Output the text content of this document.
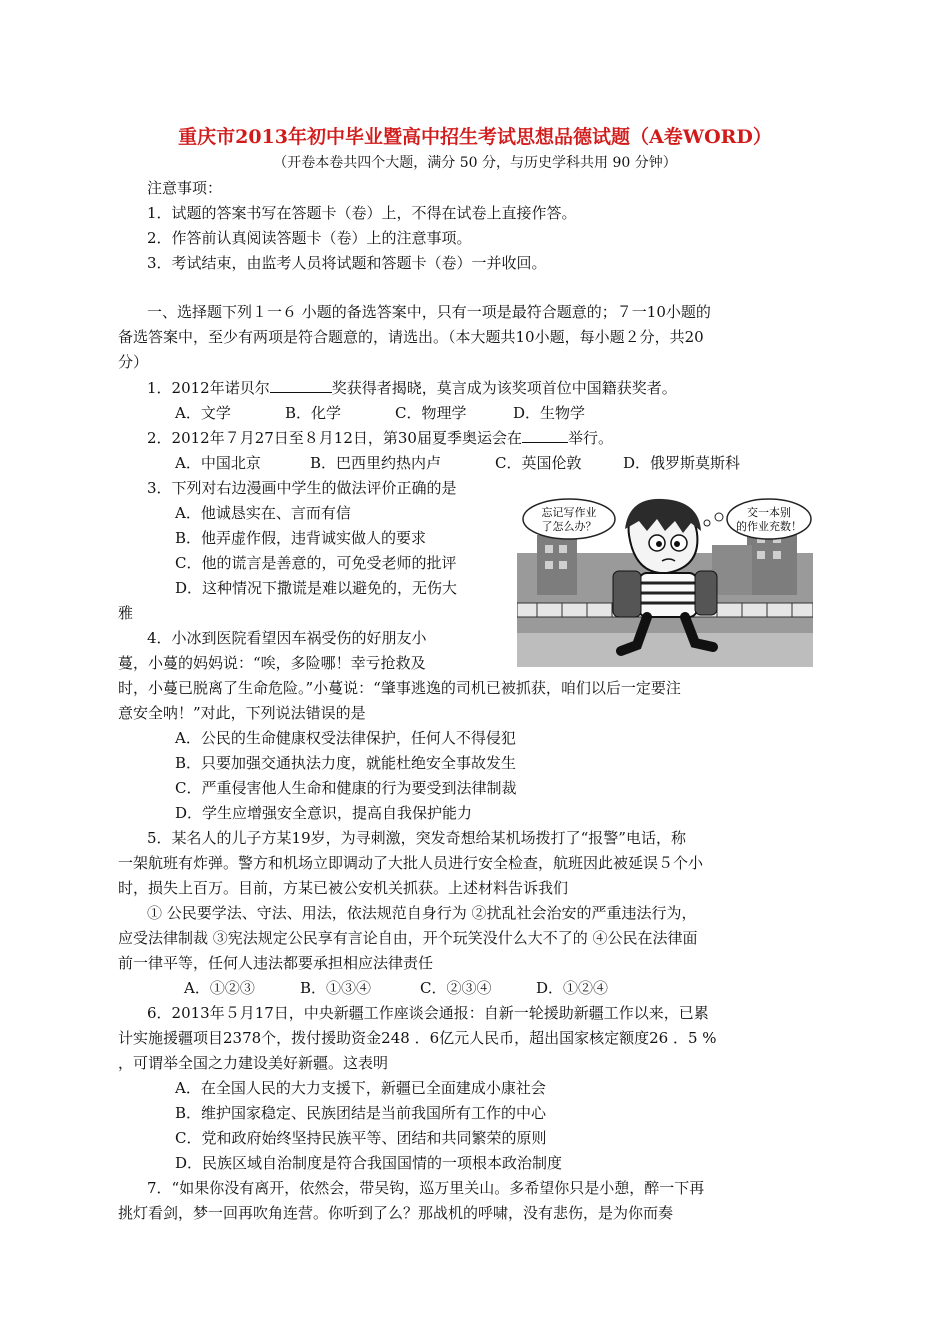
重庆市2013年初中毕业暨高中招生考试思想品德试题（A卷WORD）
（开卷本卷共四个大题，满分 50 分，与历史学科共用 90 分钟）
注意事项：
1．试题的答案书写在答题卡（卷）上，不得在试卷上直接作答。
2．作答前认真阅读答题卡（卷）上的注意事项。
3．考试结束，由监考人员将试题和答题卡（卷）一并收回。
一、选择题下列１一６ 小题的备选答案中，只有一项是最符合题意的；７一10小题的
备选答案中，至少有两项是符合题意的，请选出。（本大题共10小题，每小题２分，共20
分）
1．2012年诺贝尔	奖获得者揭晓，莫言成为该奖项首位中国籍获奖者。
A．文学	B．化学	C．物理学	D．生物学
2．2012年７月27日至８月12日，第30届夏季奥运会在	举行。
A．中国北京	B．巴西里约热内卢	C．英国伦敦	D．俄罗斯莫斯科
3．下列对右边漫画中学生的做法评价正确的是
A．他诚恳实在、言而有信
B．他弄虚作假，违背诚实做人的要求
C．他的谎言是善意的，可免受老师的批评
D．这种情况下撒谎是难以避免的，无伤大
雅
忘记写作业
了怎么办？
交一本别
的作业充数！
4．小冰到医院看望因车祸受伤的好朋友小
蔓，小蔓的妈妈说：“唉，多险哪！幸亏抢救及
时，小蔓已脱离了生命危险。”小蔓说：“肇事逃逸的司机已被抓获，咱们以后一定要注
意安全呐！”对此，下列说法错误的是
A．公民的生命健康权受法律保护，任何人不得侵犯
B．只要加强交通执法力度，就能杜绝安全事故发生
C．严重侵害他人生命和健康的行为要受到法律制裁
D．学生应增强安全意识，提高自我保护能力
5．某名人的儿子方某19岁，为寻刺激，突发奇想给某机场拨打了“报警”电话，称
一架航班有炸弹。警方和机场立即调动了大批人员进行安全检查，航班因此被延误５个小
时，损失上百万。目前，方某已被公安机关抓获。上述材料告诉我们
① 公民要学法、守法、用法，依法规范自身行为 ②扰乱社会治安的严重违法行为，
应受法律制裁 ③宪法规定公民享有言论自由，开个玩笑没什么大不了的 ④公民在法律面
前一律平等，任何人违法都要承担相应法律责任
A．①②③	B．①③④	C．②③④	D．①②④
6．2013年５月17日，中央新疆工作座谈会通报：自新一轮援助新疆工作以来，已累
计实施援疆项目2378个，拨付援助资金248 ．6亿元人民币，超出国家核定额度26 ．5 %
，可谓举全国之力建设美好新疆。这表明
A．在全国人民的大力支援下，新疆已全面建成小康社会
B．维护国家稳定、民族团结是当前我国所有工作的中心
C．党和政府始终坚持民族平等、团结和共同繁荣的原则
D．民族区域自治制度是符合我国国情的一项根本政治制度
7．“如果你没有离开，依然会，带吴钩，巡万里关山。多希望你只是小憩，醉一下再
挑灯看剑，梦一回再吹角连营。你听到了么？那战机的呼啸，没有悲伤，是为你而奏
